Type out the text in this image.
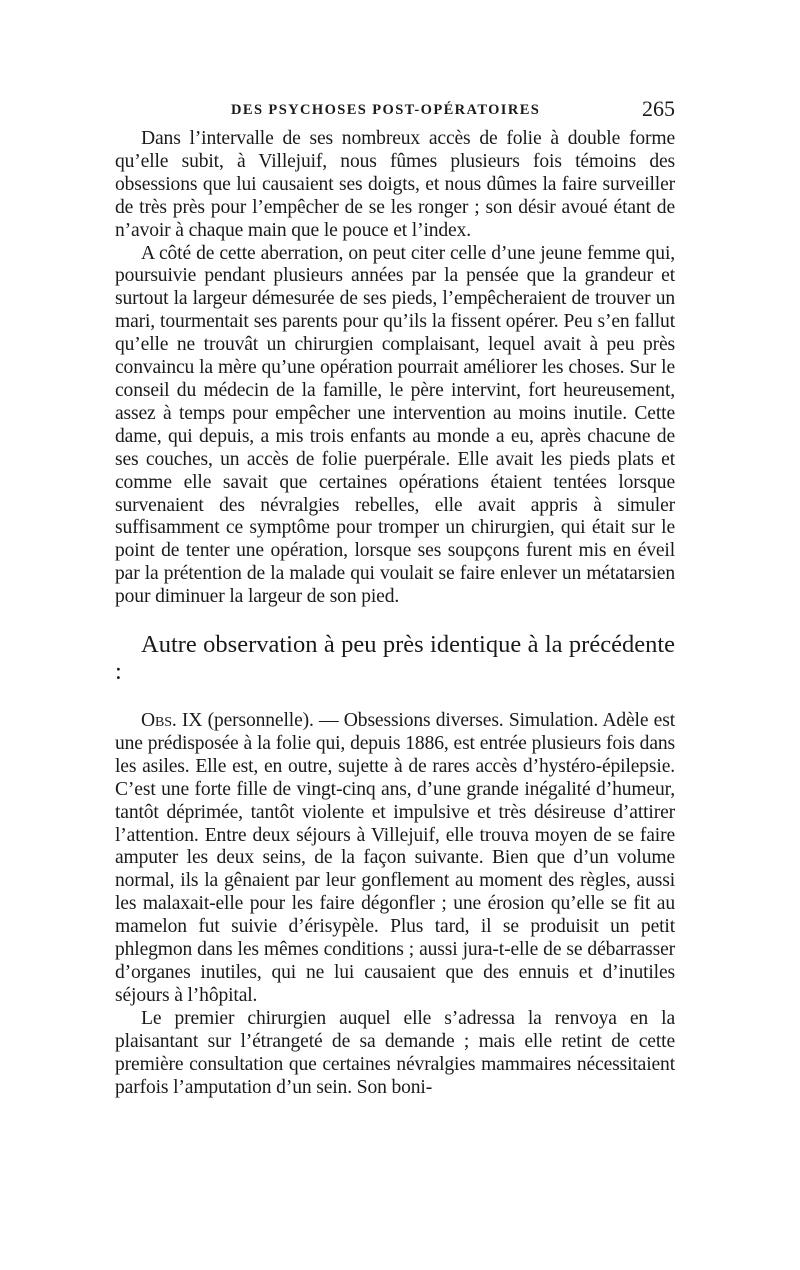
DES PSYCHOSES POST-OPÉRATOIRES	265

Dans l’intervalle de ses nombreux accès de folie à double forme qu’elle subit, à Villejuif, nous fûmes plusieurs fois témoins des obsessions que lui causaient ses doigts, et nous dûmes la faire surveiller de très près pour l’empêcher de se les ronger ; son désir avoué étant de n’avoir à chaque main que le pouce et l’index.

A côté de cette aberration, on peut citer celle d’une jeune femme qui, poursuivie pendant plusieurs années par la pensée que la grandeur et surtout la largeur démesurée de ses pieds, l’empêcheraient de trouver un mari, tourmentait ses parents pour qu’ils la fissent opérer. Peu s’en fallut qu’elle ne trouvât un chirurgien complaisant, lequel avait à peu près convaincu la mère qu’une opération pourrait améliorer les choses. Sur le conseil du médecin de la famille, le père intervint, fort heureusement, assez à temps pour empêcher une intervention au moins inutile. Cette dame, qui depuis, a mis trois enfants au monde a eu, après chacune de ses couches, un accès de folie puerpérale. Elle avait les pieds plats et comme elle savait que certaines opérations étaient tentées lorsque survenaient des névralgies rebelles, elle avait appris à simuler suffisamment ce symptôme pour tromper un chirurgien, qui était sur le point de tenter une opération, lorsque ses soupçons furent mis en éveil par la prétention de la malade qui voulait se faire enlever un métatarsien pour diminuer la largeur de son pied.

Autre observation à peu près identique à la précédente :

Obs. IX (personnelle). — Obsessions diverses. Simulation. Adèle est une prédisposée à la folie qui, depuis 1886, est entrée plusieurs fois dans les asiles. Elle est, en outre, sujette à de rares accès d’hystéro-épilepsie. C’est une forte fille de vingt-cinq ans, d’une grande inégalité d’humeur, tantôt déprimée, tantôt violente et impulsive et très désireuse d’attirer l’attention. Entre deux séjours à Villejuif, elle trouva moyen de se faire amputer les deux seins, de la façon suivante. Bien que d’un volume normal, ils la gênaient par leur gonflement au moment des règles, aussi les malaxait-elle pour les faire dégonfler ; une érosion qu’elle se fit au mamelon fut suivie d’érisypèle. Plus tard, il se produisit un petit phlegmon dans les mêmes conditions ; aussi jura-t-elle de se débarrasser d’organes inutiles, qui ne lui causaient que des ennuis et d’inutiles séjours à l’hôpital.

Le premier chirurgien auquel elle s’adressa la renvoya en la plaisantant sur l’étrangeté de sa demande ; mais elle retint de cette première consultation que certaines névralgies mammaires nécessitaient parfois l’amputation d’un sein. Son boni-
